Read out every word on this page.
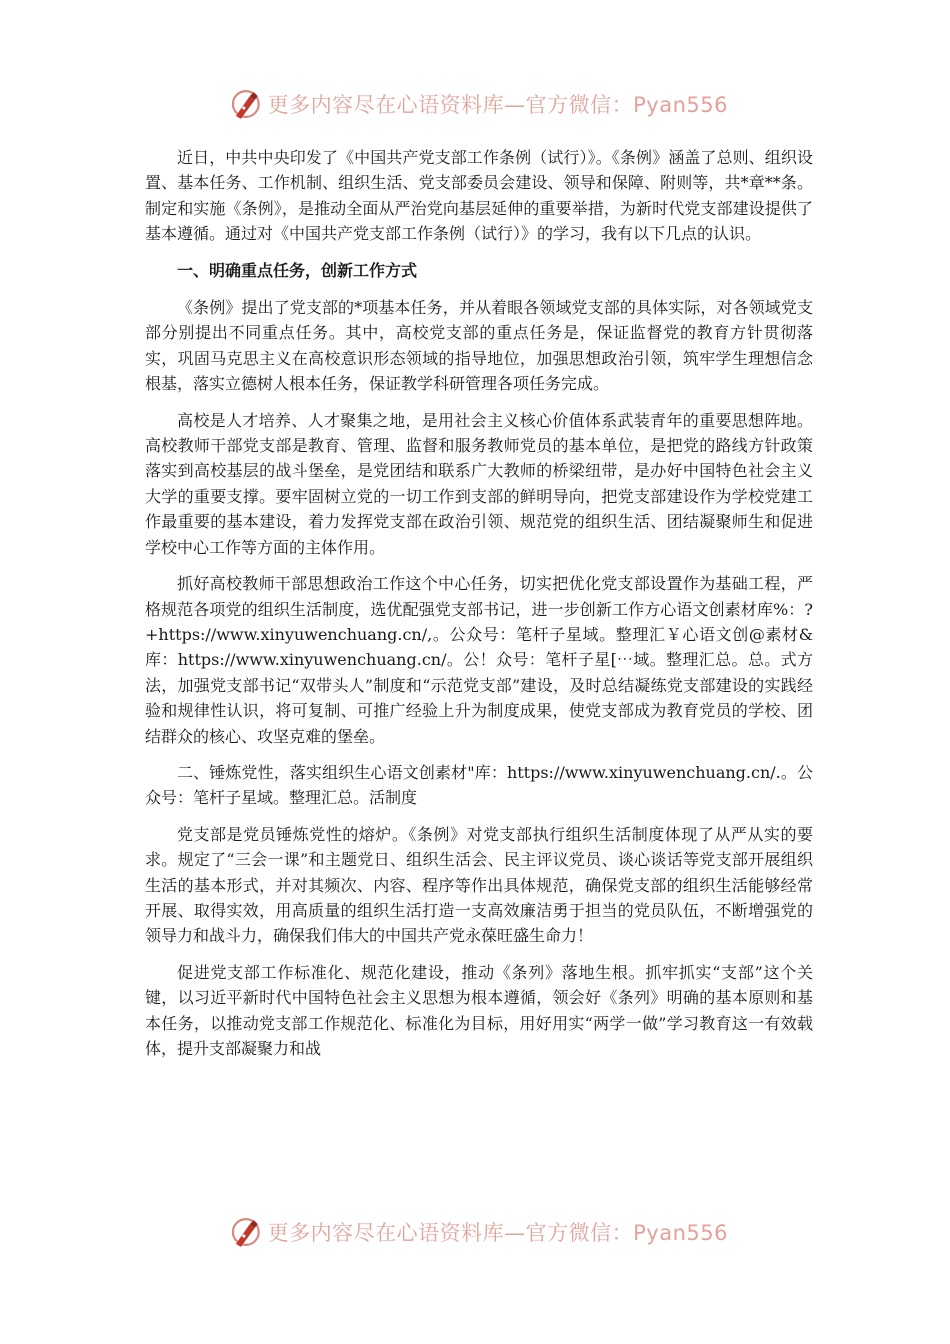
更多内容尽在心语资料库—官方微信：Pyan556

近日，中共中央印发了《中国共产党支部工作条例（试行）》。《条例》涵盖了总则、组织设置、基本任务、工作机制、组织生活、党支部委员会建设、领导和保障、附则等，共*章**条。制定和实施《条例》，是推动全面从严治党向基层延伸的重要举措，为新时代党支部建设提供了基本遵循。通过对《中国共产党支部工作条例（试行）》的学习，我有以下几点的认识。

一、明确重点任务，创新工作方式

《条例》提出了党支部的*项基本任务，并从着眼各领域党支部的具体实际，对各领域党支部分别提出不同重点任务。其中，高校党支部的重点任务是，保证监督党的教育方针贯彻落实，巩固马克思主义在高校意识形态领域的指导地位，加强思想政治引领，筑牢学生理想信念根基，落实立德树人根本任务，保证教学科研管理各项任务完成。

高校是人才培养、人才聚集之地，是用社会主义核心价值体系武装青年的重要思想阵地。高校教师干部党支部是教育、管理、监督和服务教师党员的基本单位，是把党的路线方针政策落实到高校基层的战斗堡垒，是党团结和联系广大教师的桥梁纽带，是办好中国特色社会主义大学的重要支撑。要牢固树立党的一切工作到支部的鲜明导向，把党支部建设作为学校党建工作最重要的基本建设，着力发挥党支部在政治引领、规范党的组织生活、团结凝聚师生和促进学校中心工作等方面的主体作用。

抓好高校教师干部思想政治工作这个中心任务，切实把优化党支部设置作为基础工程，严格规范各项党的组织生活制度，选优配强党支部书记，进一步创新工作方心语文创素材库%：?+https://www.xinyuwenchuang.cn/,。公众号：笔杆子星域。整理汇￥心语文创@素材&库：https://www.xinyuwenchuang.cn/。公！众号：笔杆子星[⋯域。整理汇总。总。式方法，加强党支部书记“双带头人”制度和“示范党支部”建设，及时总结凝练党支部建设的实践经验和规律性认识，将可复制、可推广经验上升为制度成果，使党支部成为教育党员的学校、团结群众的核心、攻坚克难的堡垒。

二、锤炼党性，落实组织生心语文创素材"库：https://www.xinyuwenchuang.cn/.。公众号：笔杆子星域。整理汇总。活制度

党支部是党员锤炼党性的熔炉。《条例》对党支部执行组织生活制度体现了从严从实的要求。规定了“三会一课”和主题党日、组织生活会、民主评议党员、谈心谈话等党支部开展组织生活的基本形式，并对其频次、内容、程序等作出具体规范，确保党支部的组织生活能够经常开展、取得实效，用高质量的组织生活打造一支高效廉洁勇于担当的党员队伍，不断增强党的领导力和战斗力，确保我们伟大的中国共产党永葆旺盛生命力！

促进党支部工作标准化、规范化建设，推动《条列》落地生根。抓牢抓实“支部”这个关键，以习近平新时代中国特色社会主义思想为根本遵循，领会好《条列》明确的基本原则和基本任务，以推动党支部工作规范化、标准化为目标，用好用实“两学一做”学习教育这一有效载体，提升支部凝聚力和战

更多内容尽在心语资料库—官方微信：Pyan556
